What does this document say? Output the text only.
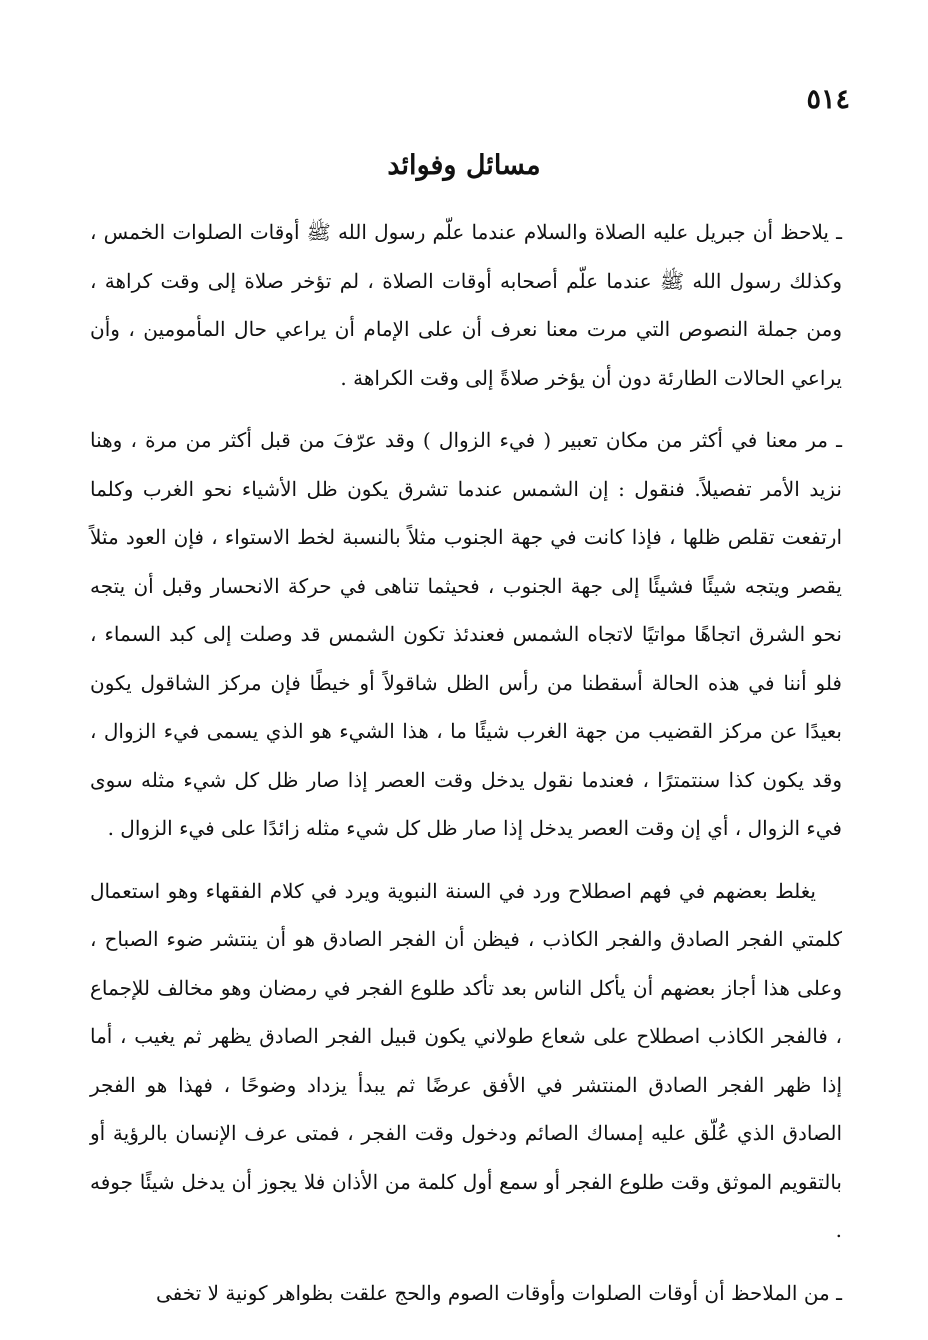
٥١٤
مسائل وفوائد

ـ يلاحظ أن جبريل عليه الصلاة والسلام عندما علّم رسول الله ﷺ أوقات الصلوات الخمس ، وكذلك رسول الله ﷺ عندما علّم أصحابه أوقات الصلاة ، لم تؤخر صلاة إلى وقت كراهة ، ومن جملة النصوص التي مرت معنا نعرف أن على الإمام أن يراعي حال المأمومين ، وأن يراعي الحالات الطارئة دون أن يؤخر صلاةً إلى وقت الكراهة .

ـ مر معنا في أكثر من مكان تعبير ( فيء الزوال ) وقد عرّفَ من قبل أكثر من مرة ، وهنا نزيد الأمر تفصيلاً. فنقول : إن الشمس عندما تشرق يكون ظل الأشياء نحو الغرب وكلما ارتفعت تقلص ظلها ، فإذا كانت في جهة الجنوب مثلاً بالنسبة لخط الاستواء ، فإن العود مثلاً يقصر ويتجه شيئًا فشيئًا إلى جهة الجنوب ، فحيثما تناهى في حركة الانحسار وقبل أن يتجه نحو الشرق اتجاهًا مواتيًا لاتجاه الشمس فعندئذ تكون الشمس قد وصلت إلى كبد السماء ، فلو أننا في هذه الحالة أسقطنا من رأس الظل شاقولاً أو خيطًا فإن مركز الشاقول يكون بعيدًا عن مركز القضيب من جهة الغرب شيئًا ما ، هذا الشيء هو الذي يسمى فيء الزوال ، وقد يكون كذا سنتمترًا ، فعندما نقول يدخل وقت العصر إذا صار ظل كل شيء مثله سوى فيء الزوال ، أي إن وقت العصر يدخل إذا صار ظل كل شيء مثله زائدًا على فيء الزوال .

يغلط بعضهم في فهم اصطلاح ورد في السنة النبوية ويرد في كلام الفقهاء وهو استعمال كلمتي الفجر الصادق والفجر الكاذب ، فيظن أن الفجر الصادق هو أن ينتشر ضوء الصباح ، وعلى هذا أجاز بعضهم أن يأكل الناس بعد تأكد طلوع الفجر في رمضان وهو مخالف للإجماع ، فالفجر الكاذب اصطلاح على شعاع طولاني يكون قبيل الفجر الصادق يظهر ثم يغيب ، أما إذا ظهر الفجر الصادق المنتشر في الأفق عرضًا ثم يبدأ يزداد وضوحًا ، فهذا هو الفجر الصادق الذي عُلّق عليه إمساك الصائم ودخول وقت الفجر ، فمتى عرف الإنسان بالرؤية أو بالتقويم الموثق وقت طلوع الفجر أو سمع أول كلمة من الأذان فلا يجوز أن يدخل شيئًا جوفه .

ـ من الملاحظ أن أوقات الصلوات وأوقات الصوم والحج علقت بظواهر كونية لا تخفى
